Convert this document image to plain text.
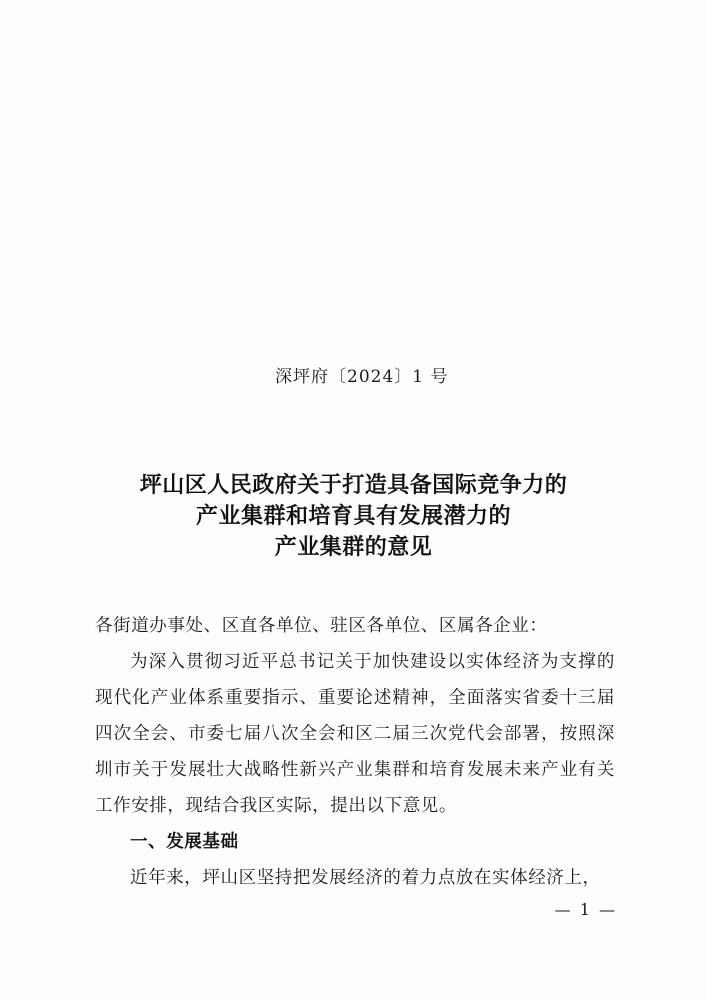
深坪府〔2024〕1 号
坪山区人民政府关于打造具备国际竞争力的
产业集群和培育具有发展潜力的
产业集群的意见

各街道办事处、区直各单位、驻区各单位、区属各企业：

为深入贯彻习近平总书记关于加快建设以实体经济为支撑的现代化产业体系重要指示、重要论述精神，全面落实省委十三届四次全会、市委七届八次全会和区二届三次党代会部署，按照深圳市关于发展壮大战略性新兴产业集群和培育发展未来产业有关工作安排，现结合我区实际，提出以下意见。

一、发展基础

近年来，坪山区坚持把发展经济的着力点放在实体经济上，

— 1 —
